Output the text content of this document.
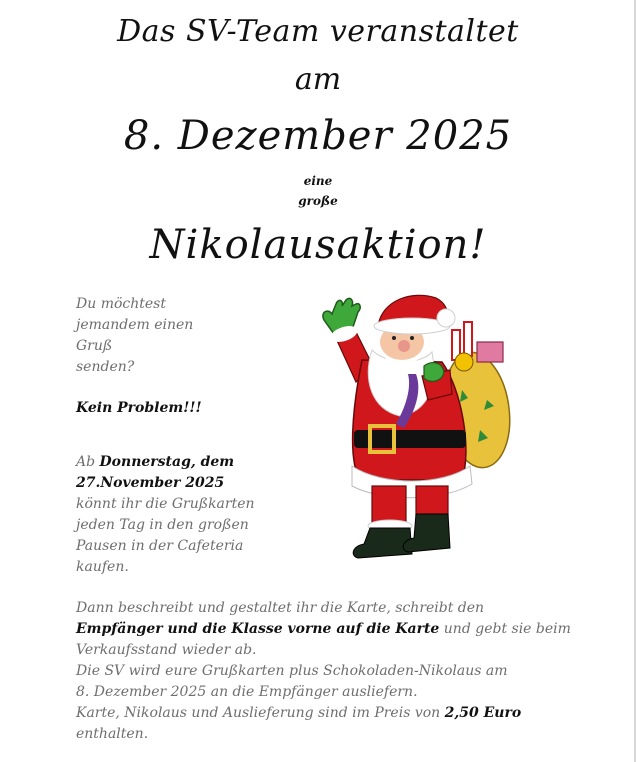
Das SV-Team veranstaltet
am
8. Dezember 2025
eine
große
Nikolausaktion!
Du möchtest
jemandem einen
Gruß
senden?
Kein Problem!!!
Ab Donnerstag, dem
27.November 2025
könnt ihr die Grußkarten
jeden Tag in den großen
Pausen in der Cafeteria
kaufen.
Dann beschreibt und gestaltet ihr die Karte, schreibt den
Empfänger und die Klasse vorne auf die Karte und gebt sie beim
Verkaufsstand wieder ab.
Die SV wird eure Grußkarten plus Schokoladen-Nikolaus am
8. Dezember 2025 an die Empfänger ausliefern.
Karte, Nikolaus und Auslieferung sind im Preis von 2,50 Euro
enthalten.
